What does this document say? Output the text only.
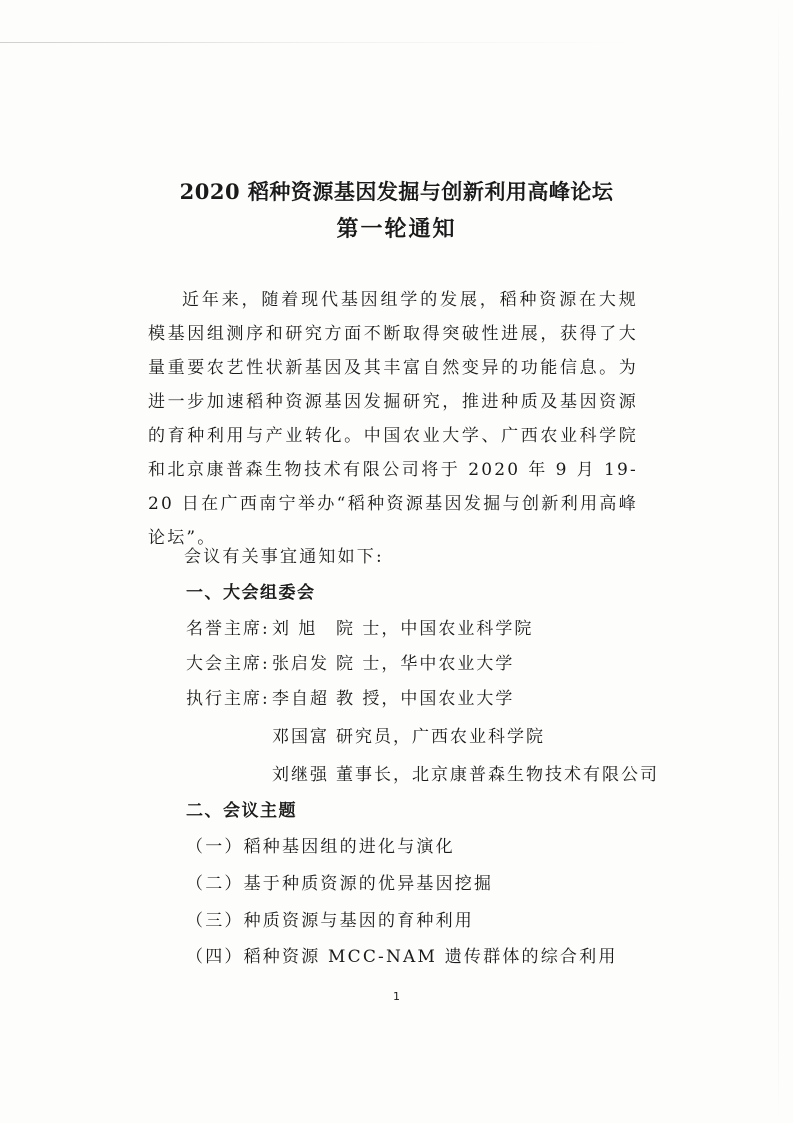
2020 稻种资源基因发掘与创新利用高峰论坛
第一轮通知
近年来，随着现代基因组学的发展，稻种资源在大规模基因组测序和研究方面不断取得突破性进展，获得了大量重要农艺性状新基因及其丰富自然变异的功能信息。为进一步加速稻种资源基因发掘研究，推进种质及基因资源的育种利用与产业转化。中国农业大学、广西农业科学院和北京康普森生物技术有限公司将于 2020 年 9 月 19-20 日在广西南宁举办“稻种资源基因发掘与创新利用高峰论坛”。
会议有关事宜通知如下:
一、大会组委会
名誉主席: 刘 旭 院 士，中国农业科学院
大会主席: 张启发 院 士，华中农业大学
执行主席: 李自超 教 授，中国农业大学
邓国富 研究员，广西农业科学院
刘继强 董事长，北京康普森生物技术有限公司
二、会议主题
（一）稻种基因组的进化与演化
（二）基于种质资源的优异基因挖掘
（三）种质资源与基因的育种利用
（四）稻种资源 MCC-NAM 遗传群体的综合利用
1
